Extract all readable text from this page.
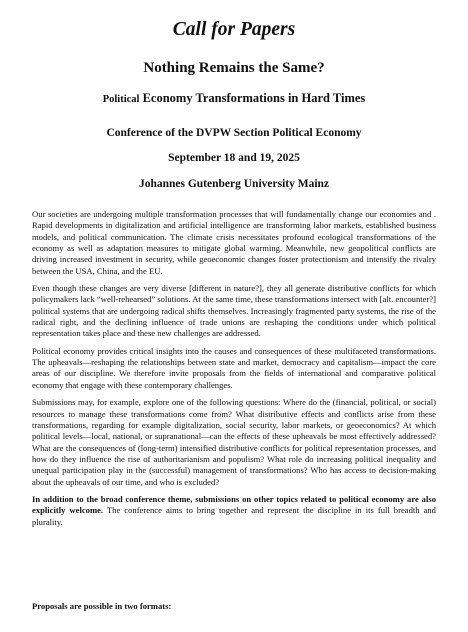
Call for Papers
Nothing Remains the Same?
Political Economy Transformations in Hard Times
Conference of the DVPW Section Political Economy
September 18 and 19, 2025
Johannes Gutenberg University Mainz

Our societies are undergoing multiple transformation processes that will fundamentally change our economies and . Rapid developments in digitalization and artificial intelligence are transforming labor markets, established business models, and political communication. The climate crisis necessitates profound ecological transformations of the economy as well as adaptation measures to mitigate global warming. Meanwhile, new geopolitical conflicts are driving increased investment in security, while geoeconomic changes foster protectionism and intensify the rivalry between the USA, China, and the EU.

Even though these changes are very diverse [different in nature?], they all generate distributive conflicts for which policymakers lack “well-rehearsed” solutions. At the same time, these transformations intersect with [alt. encounter?] political systems that are undergoing radical shifts themselves. Increasingly fragmented party systems, the rise of the radical right, and the declining influence of trade unions are reshaping the conditions under which political representation takes place and these new challenges are addressed.

Political economy provides critical insights into the causes and consequences of these multifaceted transformations. The upheavals—reshaping the relationships between state and market, democracy and capitalism—impact the core areas of our discipline. We therefore invite proposals from the fields of international and comparative political economy that engage with these contemporary challenges.

Submissions may, for example, explore one of the following questions: Where do the (financial, political, or social) resources to manage these transformations come from? What distributive effects and conflicts arise from these transformations, regarding for example digitalization, social security, labor markets, or geoeconomics? At which political levels—local, national, or supranational—can the effects of these upheavals be most effectively addressed? What are the consequences of (long-term) intensified distributive conflicts for political representation processes, and how do they influence the rise of authoritarianism and populism? What role do increasing political inequality and unequal participation play in the (successful) management of transformations? Who has access to decision-making about the upheavals of our time, and who is excluded?

In addition to the broad conference theme, submissions on other topics related to political economy are also explicitly welcome. The conference aims to bring together and represent the discipline in its full breadth and plurality.

Proposals are possible in two formats:
